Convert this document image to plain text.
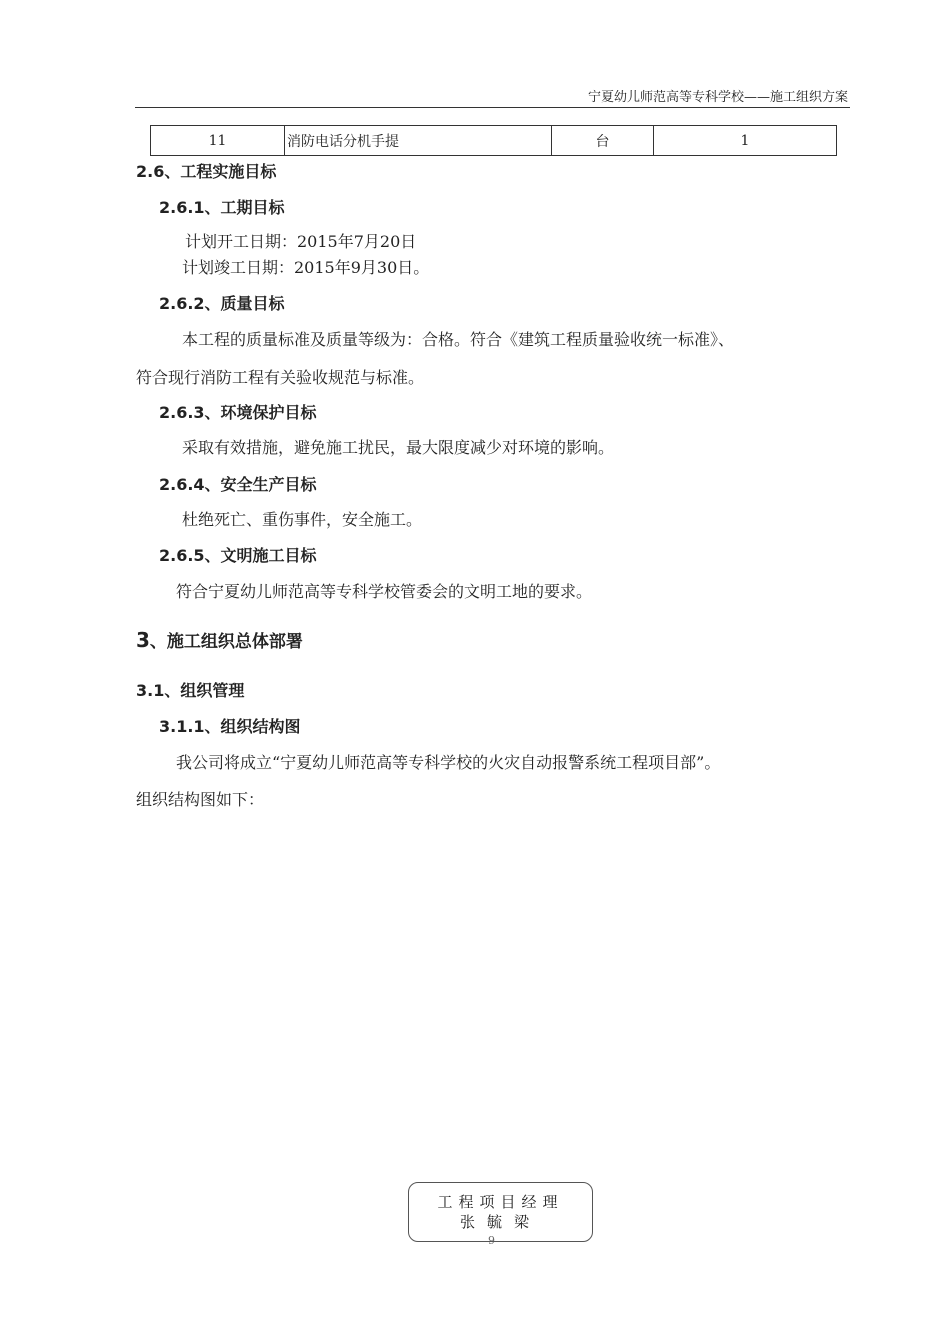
宁夏幼儿师范高等专科学校——施工组织方案
11	消防电话分机手提	台	1
2.6、工程实施目标
2.6.1、工期目标
计划开工日期：2015年7月20日
计划竣工日期：2015年9月30日。
2.6.2、质量目标
本工程的质量标准及质量等级为：合格。符合《建筑工程质量验收统一标准》、
符合现行消防工程有关验收规范与标准。
2.6.3、环境保护目标
采取有效措施，避免施工扰民，最大限度减少对环境的影响。
2.6.4、安全生产目标
杜绝死亡、重伤事件，安全施工。
2.6.5、文明施工目标
符合宁夏幼儿师范高等专科学校管委会的文明工地的要求。
3、施工组织总体部署
3.1、组织管理
3.1.1、组织结构图
我公司将成立“宁夏幼儿师范高等专科学校的火灾自动报警系统工程项目部”。
组织结构图如下：
9
工程项目经理
张毓梁
